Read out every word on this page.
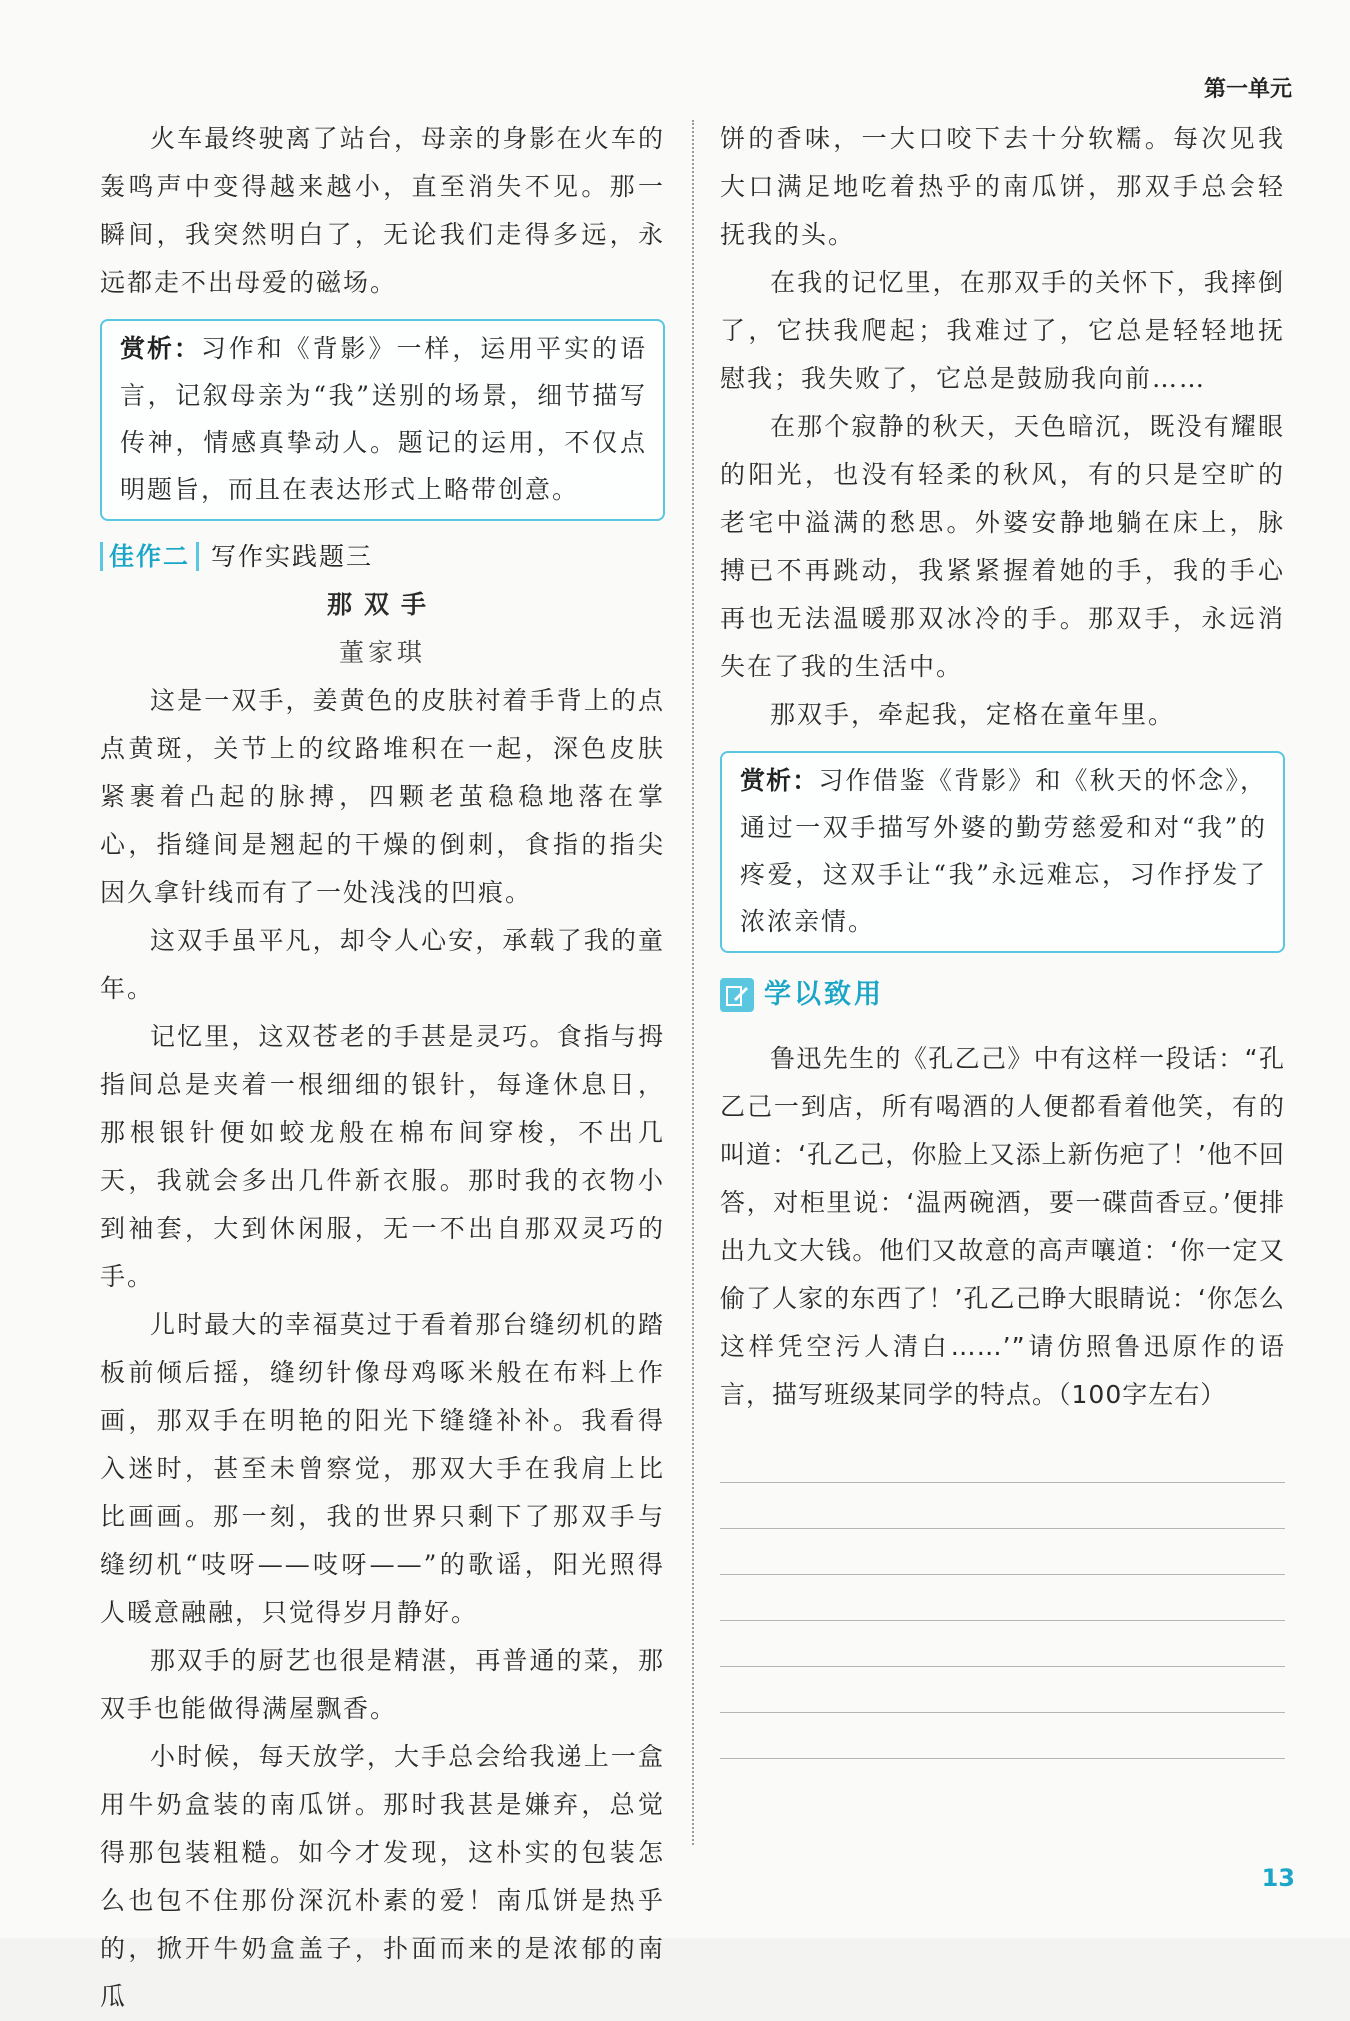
第一单元

火车最终驶离了站台，母亲的身影在火车的轰鸣声中变得越来越小，直至消失不见。那一瞬间，我突然明白了，无论我们走得多远，永远都走不出母爱的磁场。

赏析：习作和《背影》一样，运用平实的语言，记叙母亲为“我”送别的场景，细节描写传神，情感真挚动人。题记的运用，不仅点明题旨，而且在表达形式上略带创意。

佳作二 写作实践题三
那双手
董家琪

这是一双手，姜黄色的皮肤衬着手背上的点点黄斑，关节上的纹路堆积在一起，深色皮肤紧裹着凸起的脉搏，四颗老茧稳稳地落在掌心，指缝间是翘起的干燥的倒刺，食指的指尖因久拿针线而有了一处浅浅的凹痕。

这双手虽平凡，却令人心安，承载了我的童年。

记忆里，这双苍老的手甚是灵巧。食指与拇指间总是夹着一根细细的银针，每逢休息日，那根银针便如蛟龙般在棉布间穿梭，不出几天，我就会多出几件新衣服。那时我的衣物小到袖套，大到休闲服，无一不出自那双灵巧的手。

儿时最大的幸福莫过于看着那台缝纫机的踏板前倾后摇，缝纫针像母鸡啄米般在布料上作画，那双手在明艳的阳光下缝缝补补。我看得入迷时，甚至未曾察觉，那双大手在我肩上比比画画。那一刻，我的世界只剩下了那双手与缝纫机“吱呀——吱呀——”的歌谣，阳光照得人暖意融融，只觉得岁月静好。

那双手的厨艺也很是精湛，再普通的菜，那双手也能做得满屋飘香。

小时候，每天放学，大手总会给我递上一盒用牛奶盒装的南瓜饼。那时我甚是嫌弃，总觉得那包装粗糙。如今才发现，这朴实的包装怎么也包不住那份深沉朴素的爱！南瓜饼是热乎的，掀开牛奶盒盖子，扑面而来的是浓郁的南瓜

饼的香味，一大口咬下去十分软糯。每次见我大口满足地吃着热乎的南瓜饼，那双手总会轻抚我的头。

在我的记忆里，在那双手的关怀下，我摔倒了，它扶我爬起；我难过了，它总是轻轻地抚慰我；我失败了，它总是鼓励我向前……

在那个寂静的秋天，天色暗沉，既没有耀眼的阳光，也没有轻柔的秋风，有的只是空旷的老宅中溢满的愁思。外婆安静地躺在床上，脉搏已不再跳动，我紧紧握着她的手，我的手心再也无法温暖那双冰冷的手。那双手，永远消失在了我的生活中。

那双手，牵起我，定格在童年里。

赏析：习作借鉴《背影》和《秋天的怀念》，通过一双手描写外婆的勤劳慈爱和对“我”的疼爱，这双手让“我”永远难忘，习作抒发了浓浓亲情。

学以致用

鲁迅先生的《孔乙己》中有这样一段话：“孔乙己一到店，所有喝酒的人便都看着他笑，有的叫道：‘孔乙己，你脸上又添上新伤疤了！’他不回答，对柜里说：‘温两碗酒，要一碟茴香豆。’便排出九文大钱。他们又故意的高声嚷道：‘你一定又偷了人家的东西了！’孔乙己睁大眼睛说：‘你怎么这样凭空污人清白……’”请仿照鲁迅原作的语言，描写班级某同学的特点。（100字左右）

13
